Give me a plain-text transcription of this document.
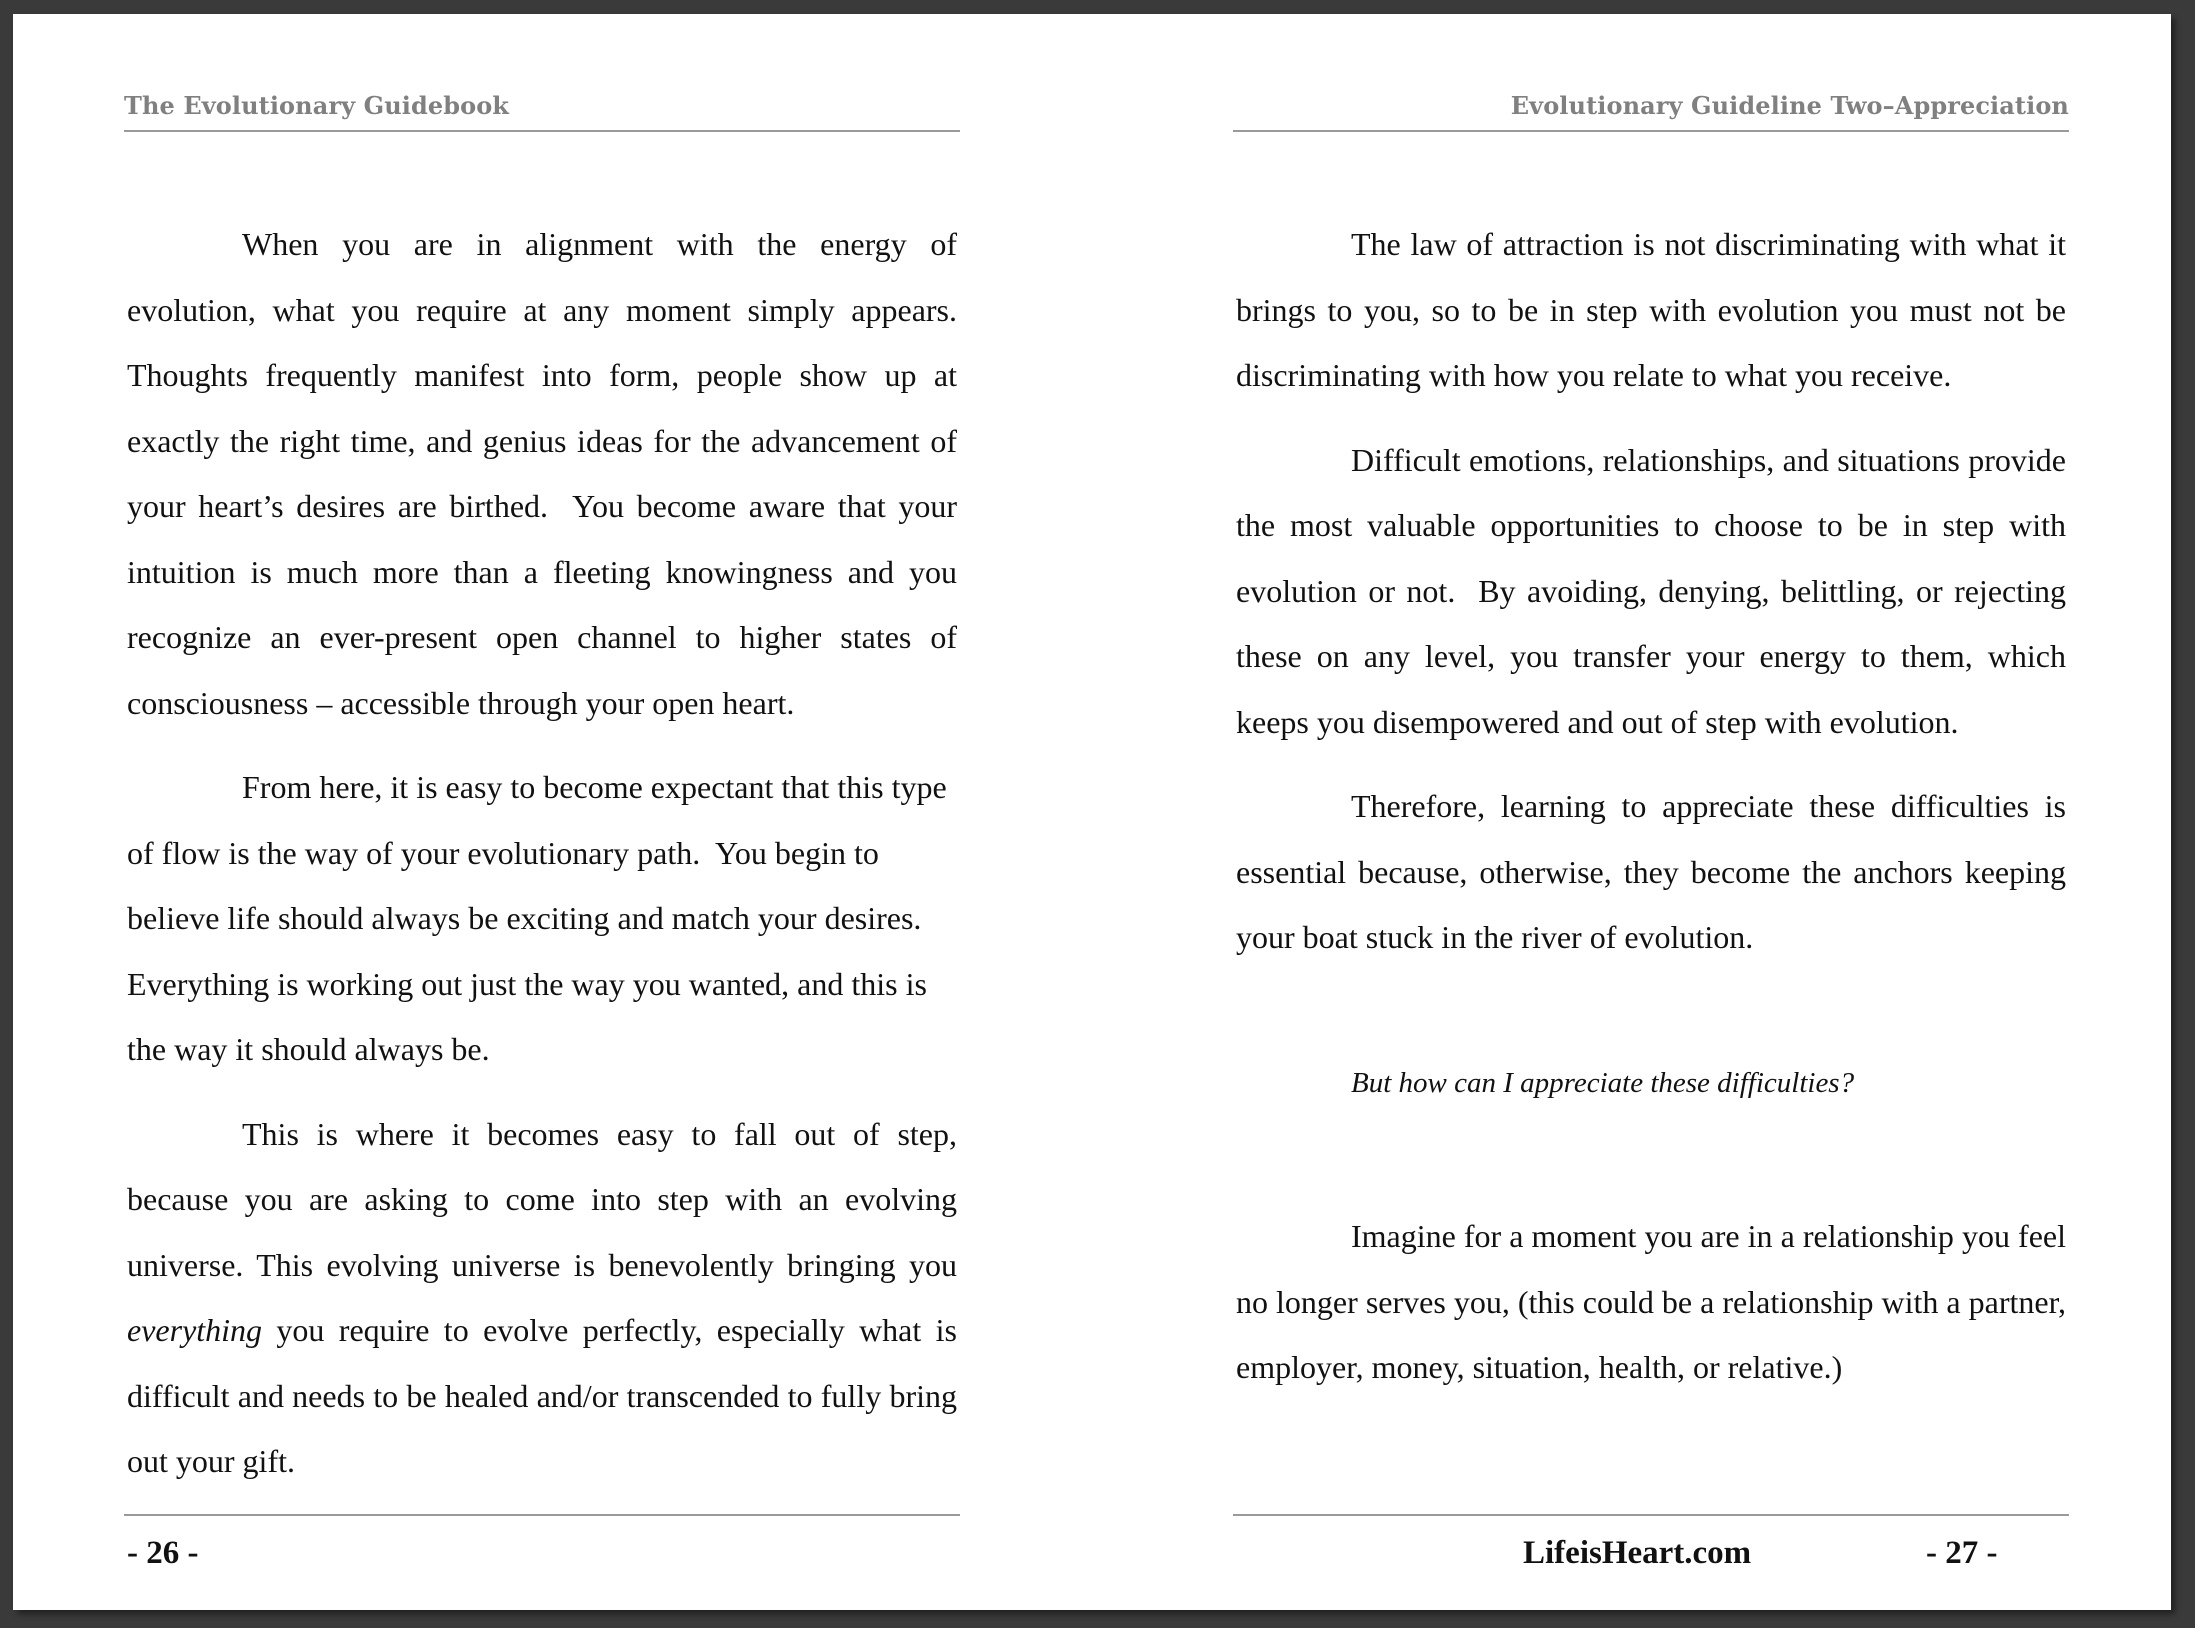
The Evolutionary Guidebook

When you are in alignment with the energy of evolution, what you require at any moment simply appears. Thoughts frequently manifest into form, people show up at exactly the right time, and genius ideas for the advancement of your heart’s desires are birthed.  You become aware that your intuition is much more than a fleeting knowingness and you recognize an ever-present open channel to higher states of consciousness – accessible through your open heart.

From here, it is easy to become expectant that this type of flow is the way of your evolutionary path.  You begin to believe life should always be exciting and match your desires.  Everything is working out just the way you wanted, and this is the way it should always be.

This is where it becomes easy to fall out of step, because you are asking to come into step with an evolving universe. This evolving universe is benevolently bringing you everything you require to evolve perfectly, especially what is difficult and needs to be healed and/or transcended to fully bring out your gift.

- 26 -
Evolutionary Guideline Two–Appreciation

The law of attraction is not discriminating with what it brings to you, so to be in step with evolution you must not be discriminating with how you relate to what you receive.

Difficult emotions, relationships, and situations provide the most valuable opportunities to choose to be in step with evolution or not.  By avoiding, denying, belittling, or rejecting these on any level, you transfer your energy to them, which keeps you disempowered and out of step with evolution.

Therefore, learning to appreciate these difficulties is essential because, otherwise, they become the anchors keeping your boat stuck in the river of evolution.

But how can I appreciate these difficulties?

Imagine for a moment you are in a relationship you feel no longer serves you, (this could be a relationship with a partner, employer, money, situation, health, or relative.)

LifeisHeart.com	- 27 -
